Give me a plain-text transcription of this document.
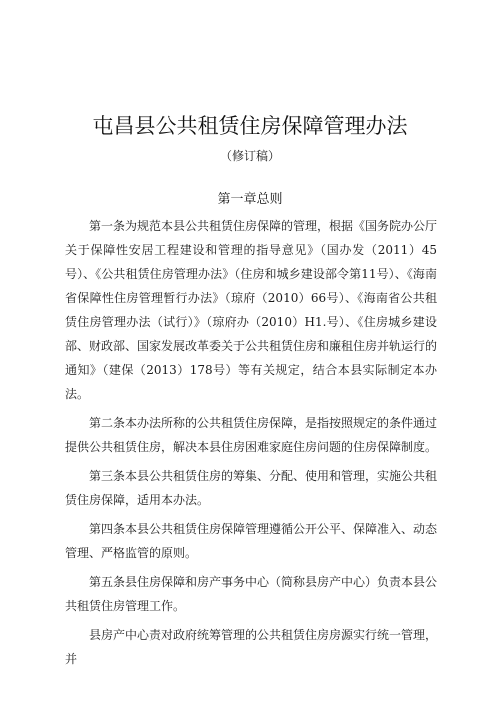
屯昌县公共租赁住房保障管理办法
（修订稿）
第一章总则

第一条为规范本县公共租赁住房保障的管理，根据《国务院办公厅关于保障性安居工程建设和管理的指导意见》（国办发（2011）45号）、《公共租赁住房管理办法》（住房和城乡建设部令第11号）、《海南省保障性住房管理暂行办法》（琼府（2010）66号）、《海南省公共租赁住房管理办法（试行）》（琼府办（2010）H1.号）、《住房城乡建设部、财政部、国家发展改革委关于公共租赁住房和廉租住房并轨运行的通知》（建保（2013）178号）等有关规定，结合本县实际制定本办法。

第二条本办法所称的公共租赁住房保障，是指按照规定的条件通过提供公共租赁住房，解决本县住房困难家庭住房问题的住房保障制度。

第三条本县公共租赁住房的筹集、分配、使用和管理，实施公共租赁住房保障，适用本办法。

第四条本县公共租赁住房保障管理遵循公开公平、保障准入、动态管理、严格监管的原则。

第五条县住房保障和房产事务中心（简称县房产中心）负责本县公共租赁住房管理工作。

县房产中心责对政府统筹管理的公共租赁住房房源实行统一管理，并
